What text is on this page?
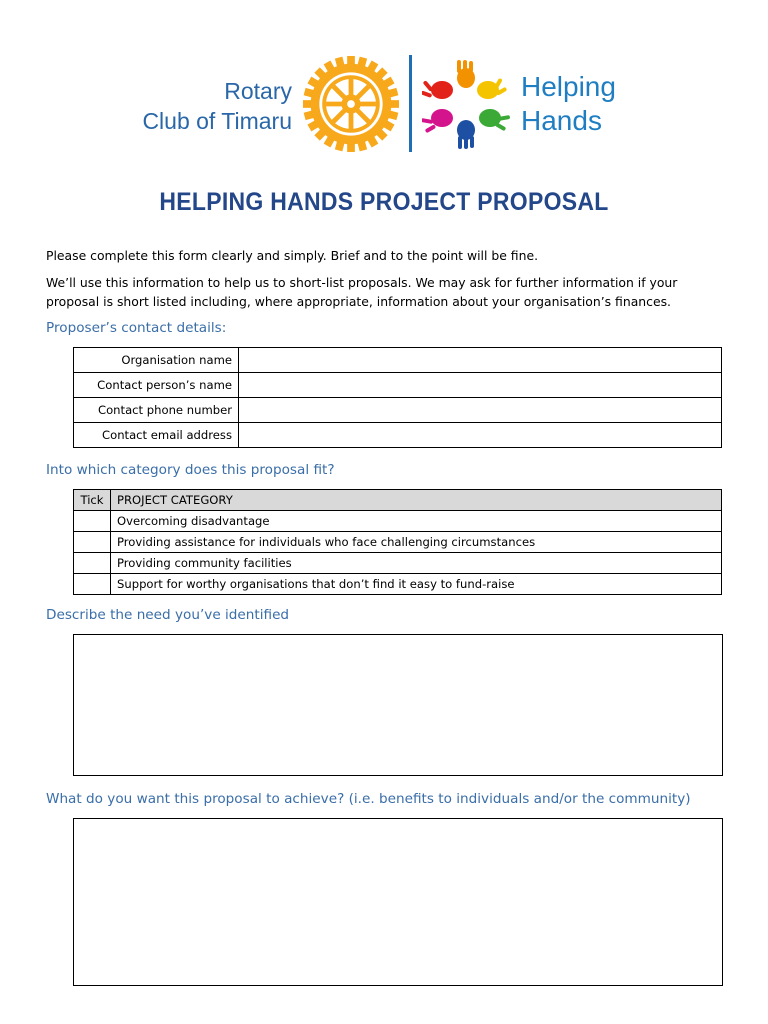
Rotary
Club of Timaru
Helping
Hands
HELPING HANDS PROJECT PROPOSAL
Please complete this form clearly and simply. Brief and to the point will be fine.
We’ll use this information to help us to short-list proposals. We may ask for further information if your proposal is short listed including, where appropriate, information about your organisation’s finances.
Proposer’s contact details:
Organisation name	
Contact person’s name	
Contact phone number	
Contact email address	
Into which category does this proposal fit?
Tick	PROJECT CATEGORY
	Overcoming disadvantage
	Providing assistance for individuals who face challenging circumstances
	Providing community facilities
	Support for worthy organisations that don’t find it easy to fund-raise
Describe the need you’ve identified
What do you want this proposal to achieve? (i.e. benefits to individuals and/or the community)
